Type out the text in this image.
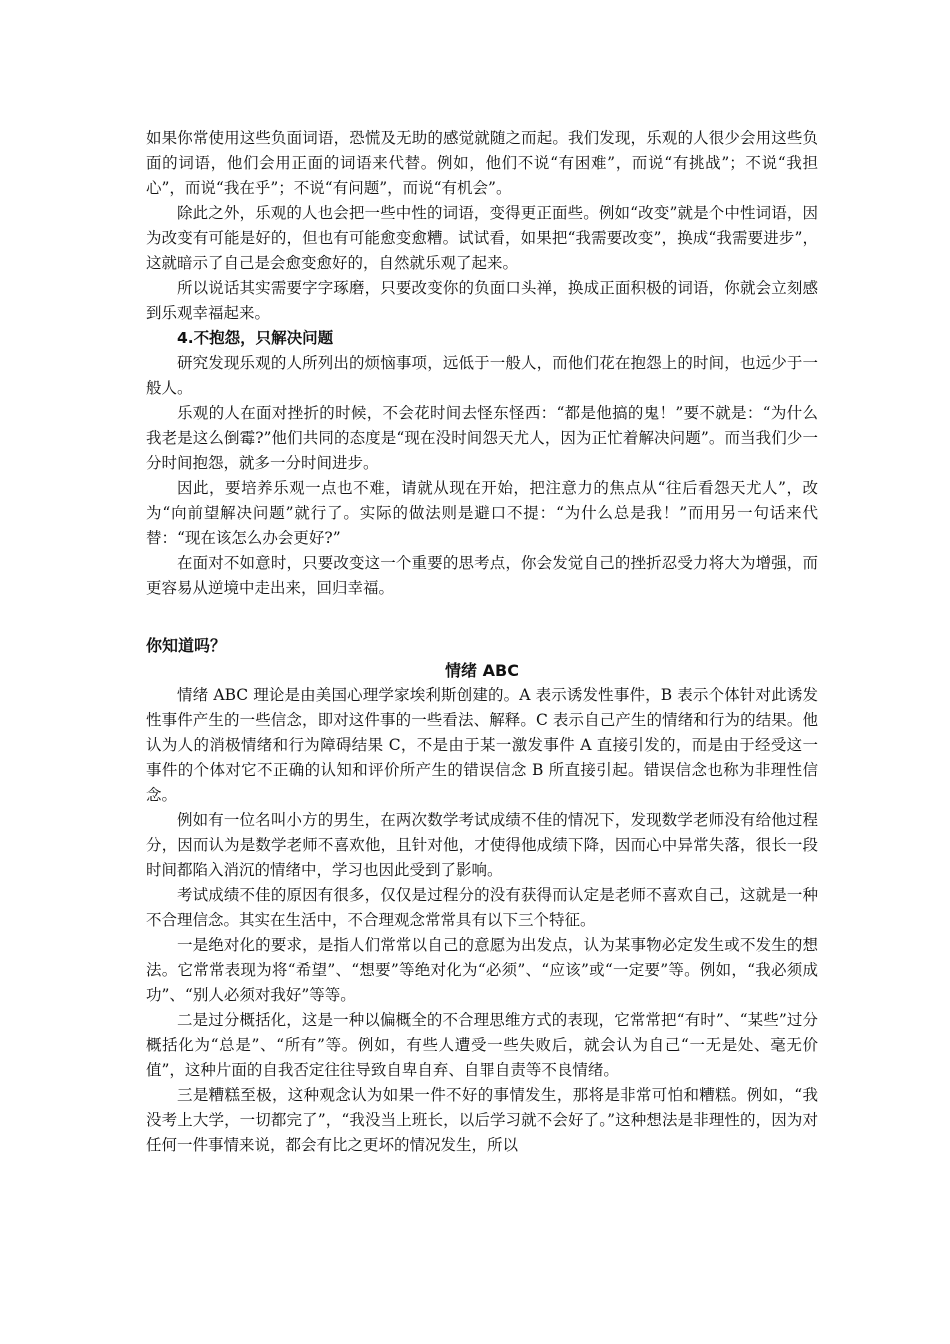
如果你常使用这些负面词语，恐慌及无助的感觉就随之而起。我们发现，乐观的人很少会用这些负面的词语，他们会用正面的词语来代替。例如，他们不说“有困难”，而说“有挑战”；不说“我担心”，而说“我在乎”；不说“有问题”，而说“有机会”。

除此之外，乐观的人也会把一些中性的词语，变得更正面些。例如“改变”就是个中性词语，因为改变有可能是好的，但也有可能愈变愈糟。试试看，如果把“我需要改变”，换成“我需要进步”，这就暗示了自己是会愈变愈好的，自然就乐观了起来。

所以说话其实需要字字琢磨，只要改变你的负面口头禅，换成正面积极的词语，你就会立刻感到乐观幸福起来。

4.不抱怨，只解决问题

研究发现乐观的人所列出的烦恼事项，远低于一般人，而他们花在抱怨上的时间，也远少于一般人。

乐观的人在面对挫折的时候，不会花时间去怪东怪西：“都是他搞的鬼！”要不就是：“为什么我老是这么倒霉?”他们共同的态度是“现在没时间怨天尤人，因为正忙着解决问题”。而当我们少一分时间抱怨，就多一分时间进步。

因此，要培养乐观一点也不难，请就从现在开始，把注意力的焦点从“往后看怨天尤人”，改为“向前望解决问题”就行了。实际的做法则是避口不提：“为什么总是我！”而用另一句话来代替：“现在该怎么办会更好?”

在面对不如意时，只要改变这一个重要的思考点，你会发觉自己的挫折忍受力将大为增强，而更容易从逆境中走出来，回归幸福。

你知道吗？

情绪 ABC

情绪 ABC 理论是由美国心理学家埃利斯创建的。A 表示诱发性事件，B 表示个体针对此诱发性事件产生的一些信念，即对这件事的一些看法、解释。C 表示自己产生的情绪和行为的结果。他认为人的消极情绪和行为障碍结果 C，不是由于某一激发事件 A 直接引发的，而是由于经受这一事件的个体对它不正确的认知和评价所产生的错误信念 B 所直接引起。错误信念也称为非理性信念。

例如有一位名叫小方的男生，在两次数学考试成绩不佳的情况下，发现数学老师没有给他过程分，因而认为是数学老师不喜欢他，且针对他，才使得他成绩下降，因而心中异常失落，很长一段时间都陷入消沉的情绪中，学习也因此受到了影响。

考试成绩不佳的原因有很多，仅仅是过程分的没有获得而认定是老师不喜欢自己，这就是一种不合理信念。其实在生活中，不合理观念常常具有以下三个特征。

一是绝对化的要求，是指人们常常以自己的意愿为出发点，认为某事物必定发生或不发生的想法。它常常表现为将“希望”、“想要”等绝对化为“必须”、“应该”或“一定要”等。例如，“我必须成功”、“别人必须对我好”等等。

二是过分概括化，这是一种以偏概全的不合理思维方式的表现，它常常把“有时”、“某些”过分概括化为“总是”、“所有”等。例如，有些人遭受一些失败后，就会认为自己“一无是处、毫无价值”，这种片面的自我否定往往导致自卑自弃、自罪自责等不良情绪。

三是糟糕至极，这种观念认为如果一件不好的事情发生，那将是非常可怕和糟糕。例如，“我没考上大学，一切都完了”，“我没当上班长，以后学习就不会好了。”这种想法是非理性的，因为对任何一件事情来说，都会有比之更坏的情况发生，所以
